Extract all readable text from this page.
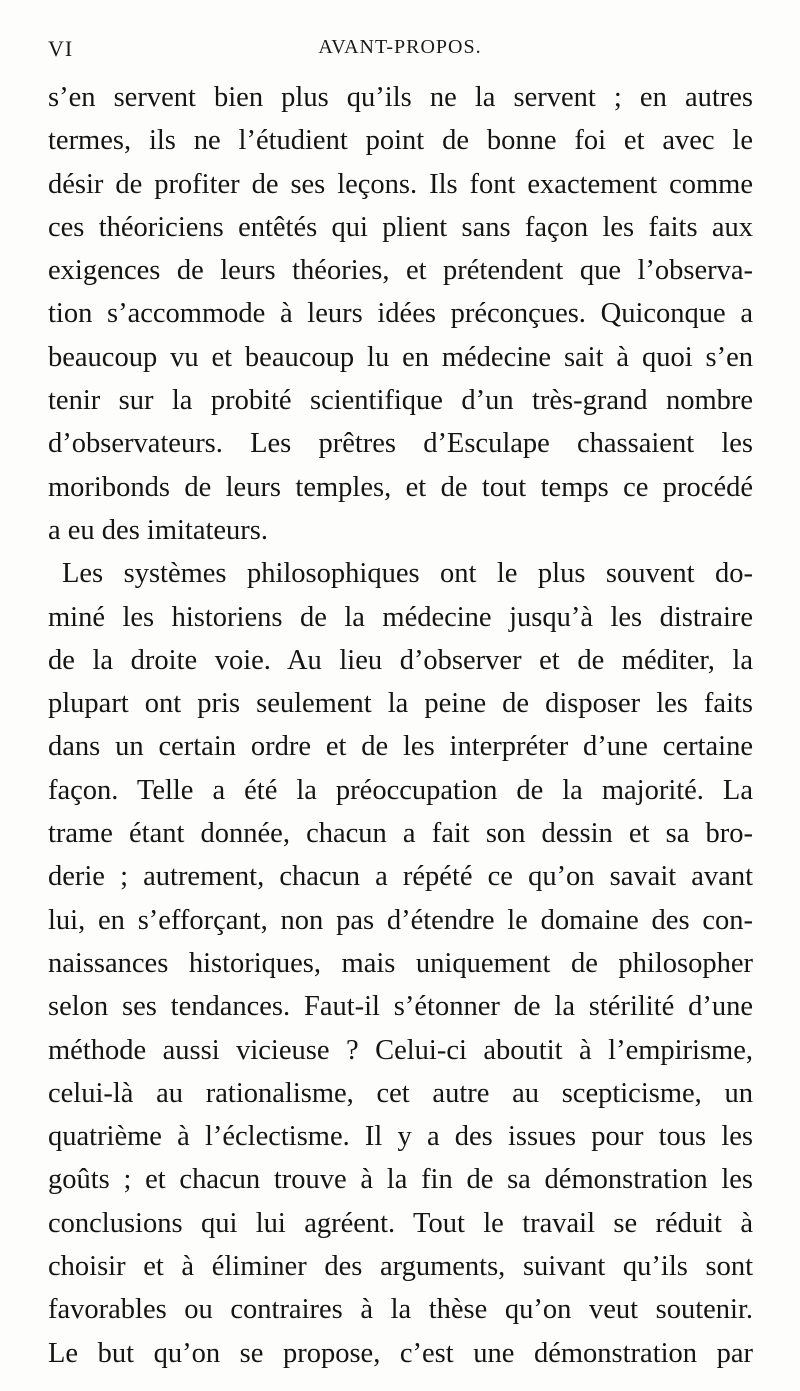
VI	AVANT-PROPOS.
s’en servent bien plus qu’ils ne la servent ; en autres
termes, ils ne l’étudient point de bonne foi et avec le
désir de profiter de ses leçons. Ils font exactement comme
ces théoriciens entêtés qui plient sans façon les faits aux
exigences de leurs théories, et prétendent que l’observa-
tion s’accommode à leurs idées préconçues. Quiconque a
beaucoup vu et beaucoup lu en médecine sait à quoi s’en
tenir sur la probité scientifique d’un très-grand nombre
d’observateurs. Les prêtres d’Esculape chassaient les
moribonds de leurs temples, et de tout temps ce procédé
a eu des imitateurs.
Les systèmes philosophiques ont le plus souvent do-
miné les historiens de la médecine jusqu’à les distraire
de la droite voie. Au lieu d’observer et de méditer, la
plupart ont pris seulement la peine de disposer les faits
dans un certain ordre et de les interpréter d’une certaine
façon. Telle a été la préoccupation de la majorité. La
trame étant donnée, chacun a fait son dessin et sa bro-
derie ; autrement, chacun a répété ce qu’on savait avant
lui, en s’efforçant, non pas d’étendre le domaine des con-
naissances historiques, mais uniquement de philosopher
selon ses tendances. Faut-il s’étonner de la stérilité d’une
méthode aussi vicieuse ? Celui-ci aboutit à l’empirisme,
celui-là au rationalisme, cet autre au scepticisme, un
quatrième à l’éclectisme. Il y a des issues pour tous les
goûts ; et chacun trouve à la fin de sa démonstration les
conclusions qui lui agréent. Tout le travail se réduit à
choisir et à éliminer des arguments, suivant qu’ils sont
favorables ou contraires à la thèse qu’on veut soutenir.
Le but qu’on se propose, c’est une démonstration par
